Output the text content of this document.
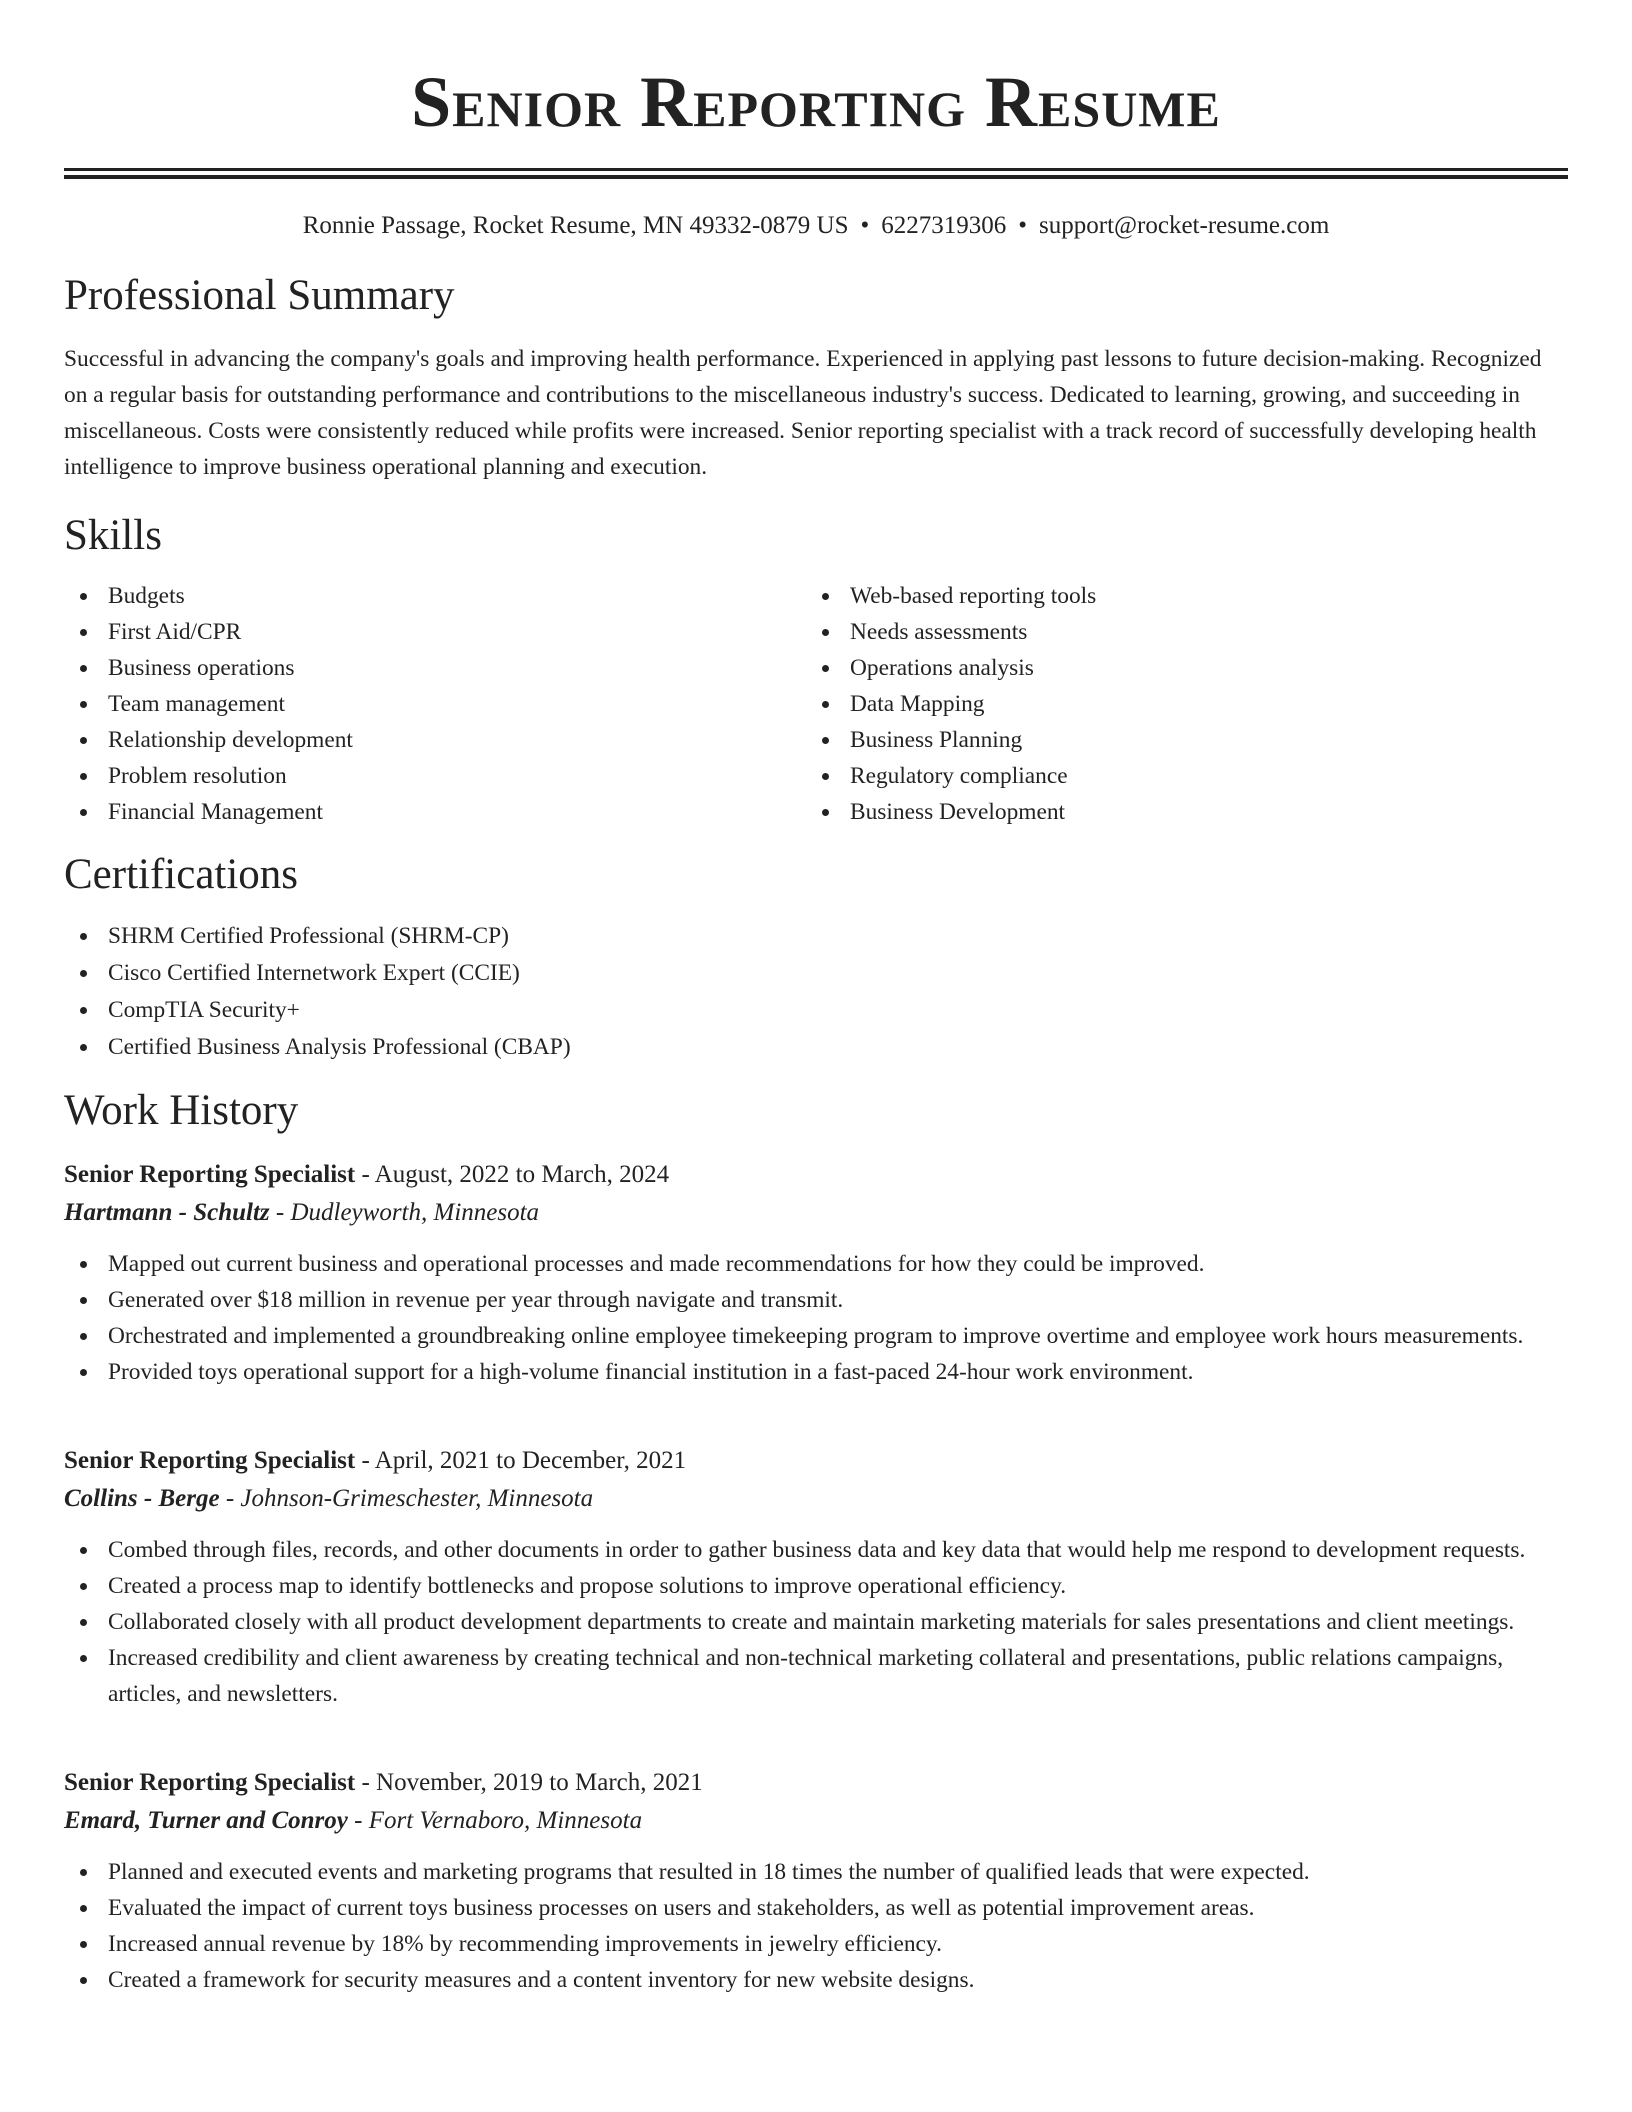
Senior Reporting Resume
Ronnie Passage, Rocket Resume, MN 49332-0879 US • 6227319306 • support@rocket-resume.com
Professional Summary
Successful in advancing the company's goals and improving health performance. Experienced in applying past lessons to future decision-making. Recognized on a regular basis for outstanding performance and contributions to the miscellaneous industry's success. Dedicated to learning, growing, and succeeding in miscellaneous. Costs were consistently reduced while profits were increased. Senior reporting specialist with a track record of successfully developing health intelligence to improve business operational planning and execution.
Skills
Budgets
First Aid/CPR
Business operations
Team management
Relationship development
Problem resolution
Financial Management
Web-based reporting tools
Needs assessments
Operations analysis
Data Mapping
Business Planning
Regulatory compliance
Business Development
Certifications
SHRM Certified Professional (SHRM-CP)
Cisco Certified Internetwork Expert (CCIE)
CompTIA Security+
Certified Business Analysis Professional (CBAP)
Work History
Senior Reporting Specialist - August, 2022 to March, 2024
Hartmann - Schultz - Dudleyworth, Minnesota
Mapped out current business and operational processes and made recommendations for how they could be improved.
Generated over $18 million in revenue per year through navigate and transmit.
Orchestrated and implemented a groundbreaking online employee timekeeping program to improve overtime and employee work hours measurements.
Provided toys operational support for a high-volume financial institution in a fast-paced 24-hour work environment.
Senior Reporting Specialist - April, 2021 to December, 2021
Collins - Berge - Johnson-Grimeschester, Minnesota
Combed through files, records, and other documents in order to gather business data and key data that would help me respond to development requests.
Created a process map to identify bottlenecks and propose solutions to improve operational efficiency.
Collaborated closely with all product development departments to create and maintain marketing materials for sales presentations and client meetings.
Increased credibility and client awareness by creating technical and non-technical marketing collateral and presentations, public relations campaigns, articles, and newsletters.
Senior Reporting Specialist - November, 2019 to March, 2021
Emard, Turner and Conroy - Fort Vernaboro, Minnesota
Planned and executed events and marketing programs that resulted in 18 times the number of qualified leads that were expected.
Evaluated the impact of current toys business processes on users and stakeholders, as well as potential improvement areas.
Increased annual revenue by 18% by recommending improvements in jewelry efficiency.
Created a framework for security measures and a content inventory for new website designs.
